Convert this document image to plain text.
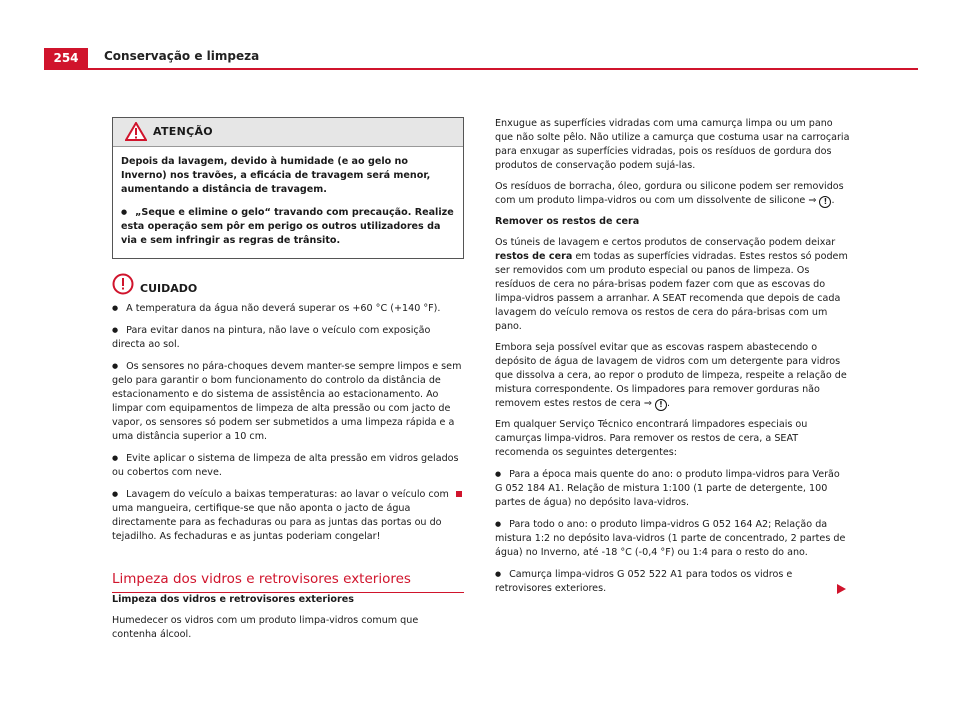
254	Conservação e limpeza
ATENÇÃO

Depois da lavagem, devido à humidade (e ao gelo no Inverno) nos travões, a eficácia de travagem será menor, aumentando a distância de travagem.

● „Seque e elimine o gelo“ travando com precaução. Realize esta operação sem pôr em perigo os outros utilizadores da via e sem infringir as regras de trânsito.

CUIDADO

● A temperatura da água não deverá superar os +60 °C (+140 °F).

● Para evitar danos na pintura, não lave o veículo com exposição directa ao sol.

● Os sensores no pára-choques devem manter-se sempre limpos e sem gelo para garantir o bom funcionamento do controlo da distância de estacionamento e do sistema de assistência ao estacionamento. Ao limpar com equipamentos de limpeza de alta pressão ou com jacto de vapor, os sensores só podem ser submetidos a uma limpeza rápida e a uma distância superior a 10 cm.

● Evite aplicar o sistema de limpeza de alta pressão em vidros gelados ou cobertos com neve.

● Lavagem do veículo a baixas temperaturas: ao lavar o veículo com uma mangueira, certifique-se que não aponta o jacto de água directamente para as fechaduras ou para as juntas das portas ou do tejadilho. As fechaduras e as juntas poderiam congelar!

Limpeza dos vidros e retrovisores exteriores

Limpeza dos vidros e retrovisores exteriores

Humedecer os vidros com um produto limpa-vidros comum que contenha álcool.

Enxugue as superfícies vidradas com uma camurça limpa ou um pano que não solte pêlo. Não utilize a camurça que costuma usar na carroçaria para enxugar as superfícies vidradas, pois os resíduos de gordura dos produtos de conservação podem sujá-las.

Os resíduos de borracha, óleo, gordura ou silicone podem ser removidos com um produto limpa-vidros ou com um dissolvente de silicone ⇒ ! .

Remover os restos de cera

Os túneis de lavagem e certos produtos de conservação podem deixar restos de cera em todas as superfícies vidradas. Estes restos só podem ser removidos com um produto especial ou panos de limpeza. Os resíduos de cera no pára-brisas podem fazer com que as escovas do limpa-vidros passem a arranhar. A SEAT recomenda que depois de cada lavagem do veículo remova os restos de cera do pára-brisas com um pano.

Embora seja possível evitar que as escovas raspem abastecendo o depósito de água de lavagem de vidros com um detergente para vidros que dissolva a cera, ao repor o produto de limpeza, respeite a relação de mistura correspondente. Os limpadores para remover gorduras não removem estes restos de cera ⇒ ! .

Em qualquer Serviço Técnico encontrará limpadores especiais ou camurças limpa-vidros. Para remover os restos de cera, a SEAT recomenda os seguintes detergentes:

● Para a época mais quente do ano: o produto limpa-vidros para Verão G 052 184 A1. Relação de mistura 1:100 (1 parte de detergente, 100 partes de água) no depósito lava-vidros.

● Para todo o ano: o produto limpa-vidros G 052 164 A2; Relação da mistura 1:2 no depósito lava-vidros (1 parte de concentrado, 2 partes de água) no Inverno, até -18 °C (-0,4 °F) ou 1:4 para o resto do ano.

● Camurça limpa-vidros G 052 522 A1 para todos os vidros e retrovisores exteriores.
